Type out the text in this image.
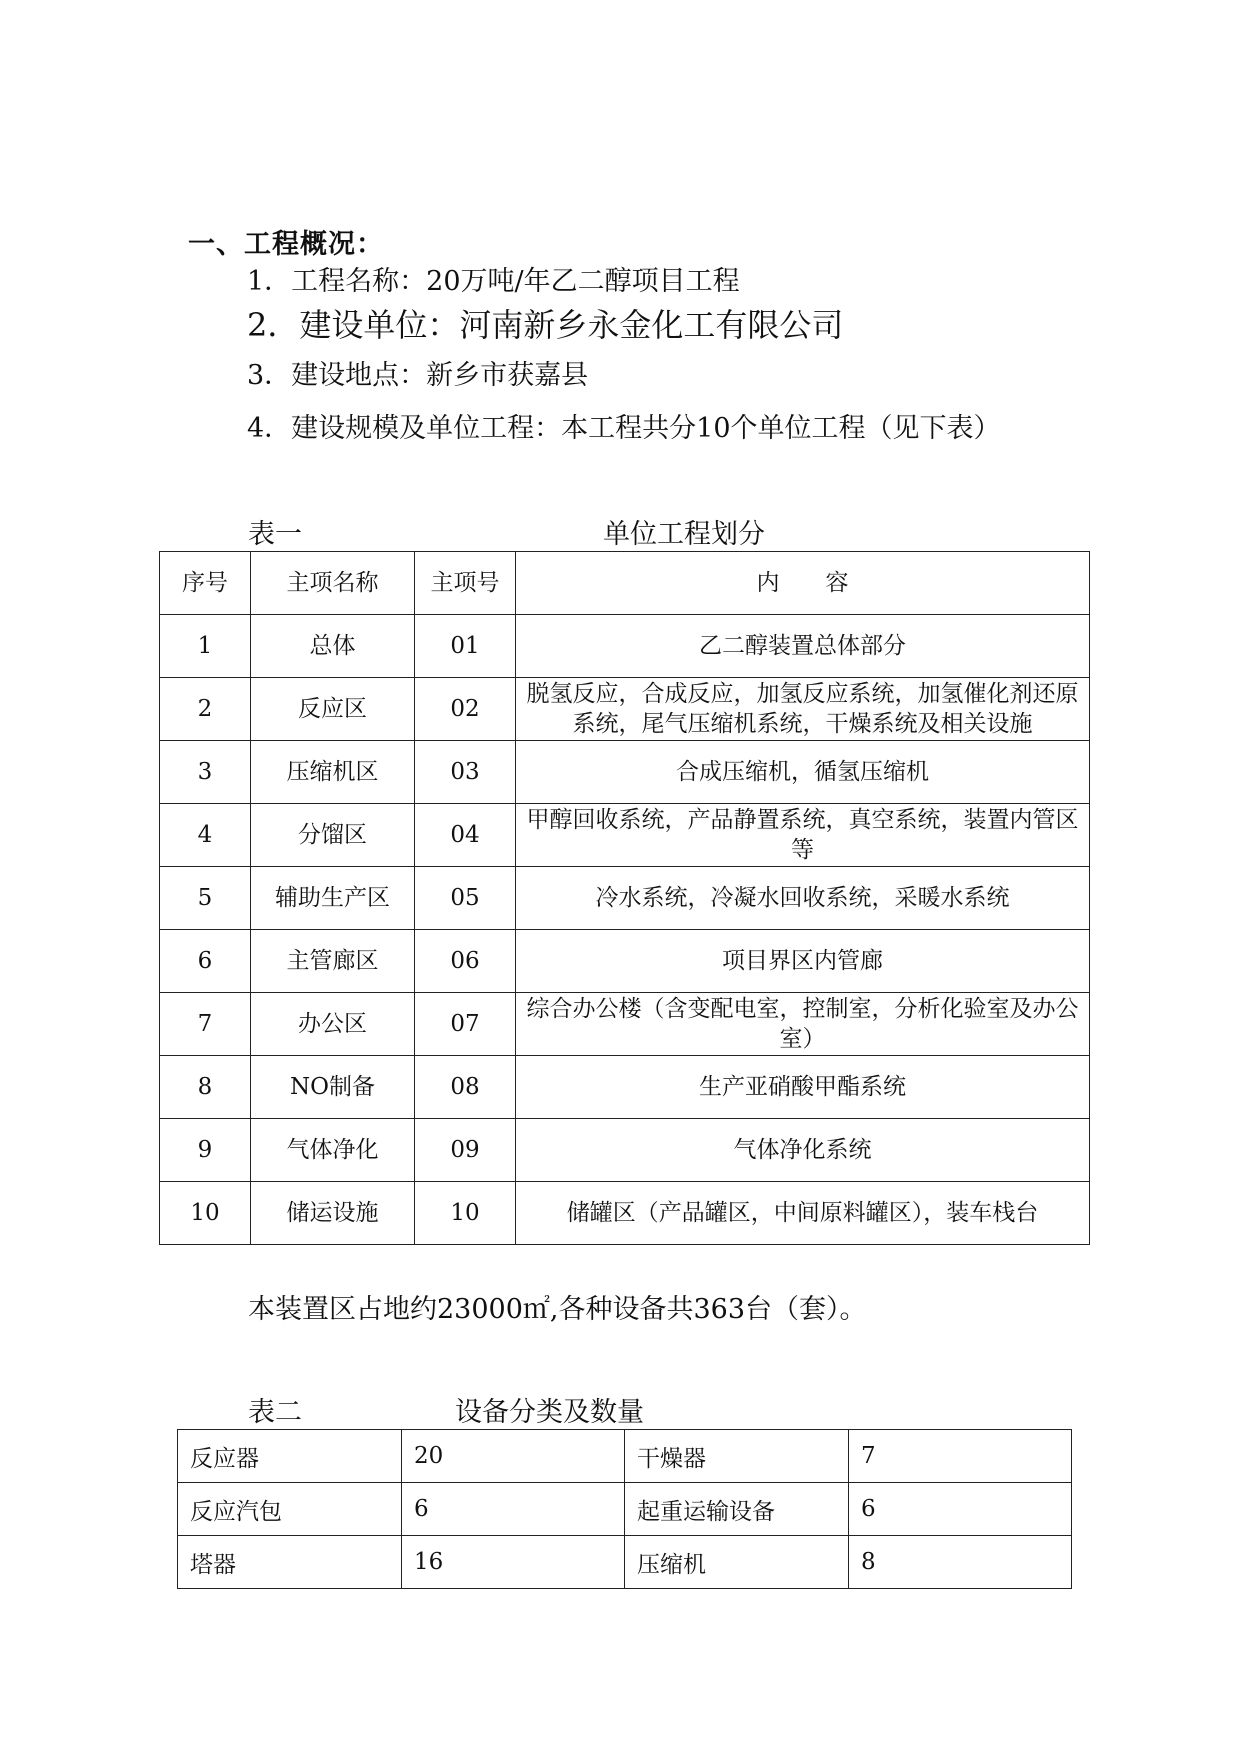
一、工程概况：
1．工程名称：20万吨/年乙二醇项目工程
2．建设单位：河南新乡永金化工有限公司
3．建设地点：新乡市获嘉县
4．建设规模及单位工程：本工程共分10个单位工程（见下表）
表一	单位工程划分
序号	主项名称	主项号	内　　容
1	总体	01	乙二醇装置总体部分
2	反应区	02	脱氢反应，合成反应，加氢反应系统，加氢催化剂还原系统，尾气压缩机系统，干燥系统及相关设施
3	压缩机区	03	合成压缩机，循氢压缩机
4	分馏区	04	甲醇回收系统，产品静置系统，真空系统，装置内管区等
5	辅助生产区	05	冷水系统，冷凝水回收系统，采暖水系统
6	主管廊区	06	项目界区内管廊
7	办公区	07	综合办公楼（含变配电室，控制室，分析化验室及办公室）
8	NO制备	08	生产亚硝酸甲酯系统
9	气体净化	09	气体净化系统
10	储运设施	10	储罐区（产品罐区，中间原料罐区），装车栈台
本装置区占地约23000㎡,各种设备共363台（套）。
表二	设备分类及数量
反应器	20	干燥器	7
反应汽包	6	起重运输设备	6
塔器	16	压缩机	8
